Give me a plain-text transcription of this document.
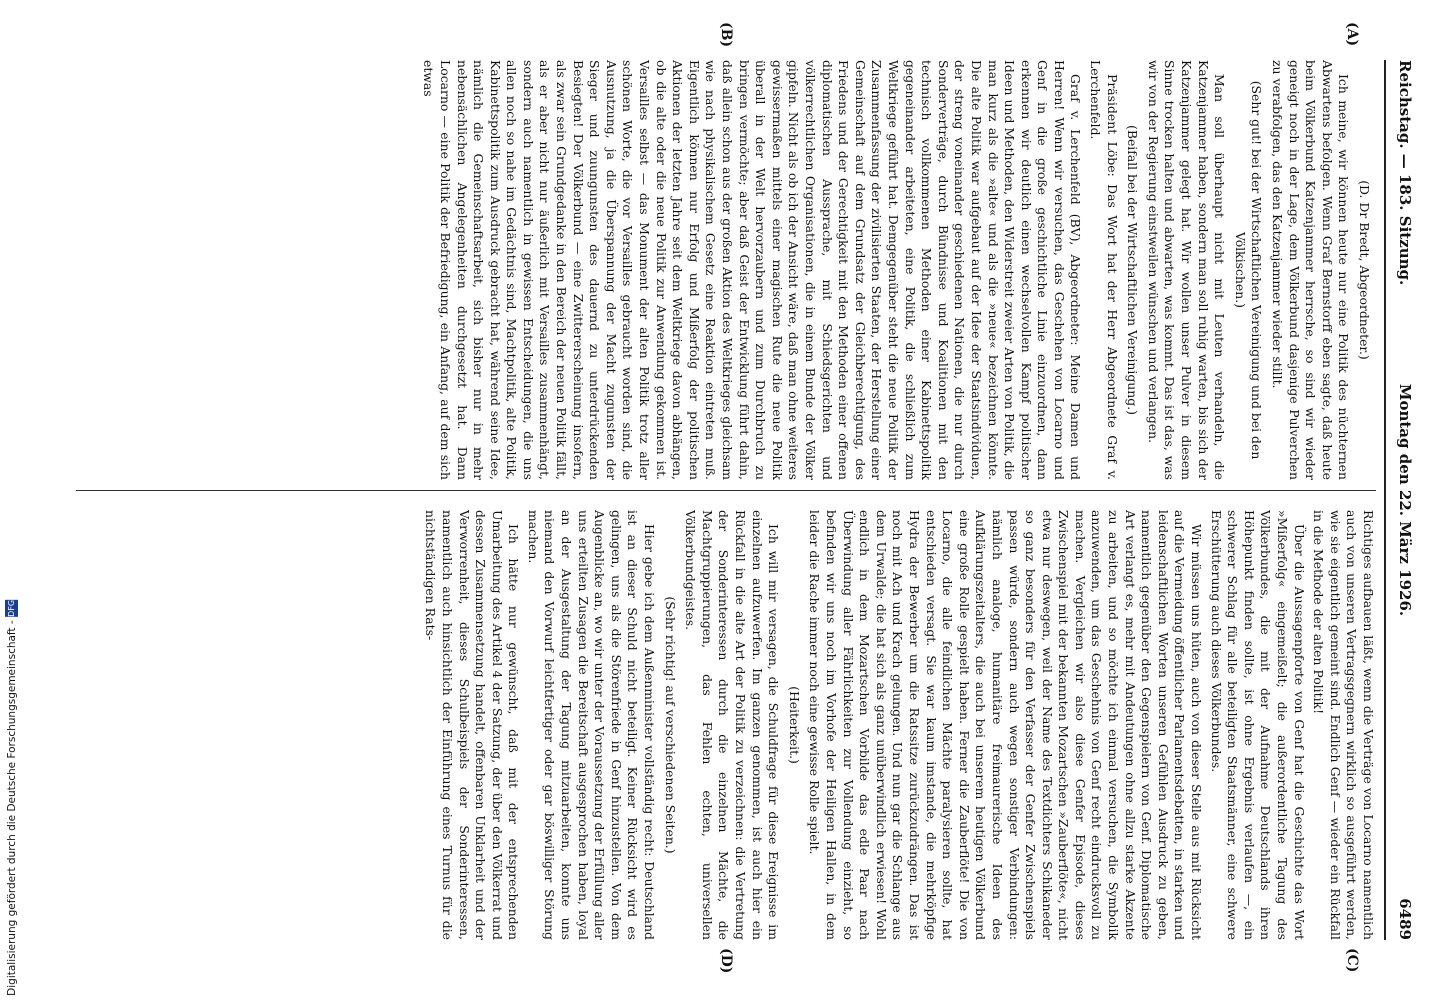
Reichstag. — 183. Sitzung.
Montag den 22. März 1926.
6489
(A)
(B)
(C)
(D)

(D. Dr Bredt, Abgeordneter.)

Ich meine, wir können heute nur eine Politik des nüchternen Abwartens befolgen. Wenn Graf Bernstorff eben sagte, daß heute beim Völkerbund Katzenjammer herrsche, so sind wir wieder geneigt noch in der Lage, dem Völkerbund dasjenige Pulverchen zu verabfolgen, das den Katzenjammer wieder stillt.

(Sehr gut! bei der Wirtschaftlichen Vereinigung und bei den Völkischen.)

Man soll überhaupt nicht mit Leuten verhandeln, die Katzenjammer haben, sondern man soll ruhig warten, bis sich der Katzenjammer gelegt hat. Wir wollen unser Pulver in diesem Sinne trocken halten und abwarten, was kommt. Das ist das, was wir von der Regierung einstweilen wünschen und verlangen.

(Beifall bei der Wirtschaftlichen Vereinigung.)

Präsident Löbe: Das Wort hat der Herr Abgeordnete Graf v. Lerchenfeld.

Graf v. Lerchenfeld (BV), Abgeordneter: Meine Damen und Herren! Wenn wir versuchen, das Geschehen von Locarno und Genf in die große geschichtliche Linie einzuordnen, dann erkennen wir deutlich einen wechselvollen Kampf politischer Ideen und Methoden, den Widerstreit zweier Arten von Politik, die man kurz als die »alte« und als die »neue« bezeichnen könnte. Die alte Politik war aufgebaut auf der Idee der Staatsindividuen, der streng voneinander geschiedenen Nationen, die nur durch Sonderverträge, durch Bündnisse und Koalitionen mit den technisch vollkommenen Methoden einer Kabinettspolitik gegeneinander arbeiteten, eine Politik, die schließlich zum Weltkriege geführt hat. Demgegenüber steht die neue Politik der Zusammenfassung der zivilisierten Staaten, der Herstellung einer Gemeinschaft auf dem Grundsatz der Gleichberechtigung, des Friedens und der Gerechtigkeit mit den Methoden einer offenen diplomatischen Aussprache, mit Schiedsgerichten und völkerrechtlichen Organisationen, die in einem Bunde der Völker gipfeln. Nicht als ob ich der Ansicht wäre, daß man ohne weiteres gewissermaßen mittels einer magischen Rute die neue Politik überall in der Welt hervorzaubern und zum Durchbruch zu bringen vermöchte; aber daß Geist der Entwicklung führt dahin, daß allein schon aus der großen Aktion des Weltkrieges gleichsam wie nach physikalischem Gesetz eine Reaktion eintreten muß. Eigentlich können nur Erfolg und Mißerfolg der politischen Aktionen der letzten Jahre seit dem Weltkriege davon abhängen, ob die alte oder die neue Politik zur Anwendung gekommen ist. Versailles selbst — das Monument der alten Politik trotz aller schönen Worte, die vor Versailles gebraucht worden sind, die Ausnutzung, ja die Überspannung der Macht zugunsten der Sieger und zuungunsten des dauernd zu unterdrückenden Besiegten! Der Völkerbund — eine Zwittererscheinung insofern, als zwar sein Grundgedanke in den Bereich der neuen Politik fällt, als er aber nicht nur äußerlich mit Versailles zusammenhängt, sondern auch namentlich in gewissen Entscheidungen, die uns allen noch so nahe im Gedächtnis sind, Machtpolitik, alte Politik, Kabinettspolitik zum Ausdruck gebracht hat, während seine Idee, nämlich die Gemeinschaftsarbeit, sich bisher nur in mehr nebensächlichen Angelegenheiten durchgesetzt hat. Dann Locarno — eine Politik der Befriedigung, ein Anfang, auf dem sich etwas

Richtiges aufbauen läßt, wenn die Verträge von Locarno namentlich auch von unseren Vertragsgegnern wirklich so ausgeführt werden, wie sie eigentlich gemeint sind. Endlich Genf — wieder ein Rückfall in die Methode der alten Politik!

Über die Aussagenpforte von Genf hat die Geschichte das Wort »Mißerfolg« eingemeißelt; die außerordentliche Tagung des Völkerbundes, die mit der Aufnahme Deutschlands ihren Höhepunkt finden sollte, ist ohne Ergebnis verlaufen —, ein schwerer Schlag für alle beteiligten Staatsmänner, eine schwere Erschütterung auch dieses Völkerbundes.

Wir müssen uns hüten, auch von dieser Stelle aus mit Rücksicht auf die Vermeidung öffentlicher Parlamentsdebatten, in starken und leidenschaftlichen Worten unseren Gefühlen Ausdruck zu geben, namentlich gegenüber den Gegenspielern von Genf. Diplomatische Art verlangt es, mehr mit Andeutungen ohne allzu starke Akzente zu arbeiten, und so möchte ich einmal versuchen, die Symbolik anzuwenden, um das Geschehnis von Genf recht eindrucksvoll zu machen. Vergleichen wir also diese Genfer Episode, dieses Zwischenspiel mit der bekannten Mozartschen »Zauberflöte«, nicht etwa nur deswegen, weil der Name des Textdichters Schikaneder so ganz besonders für den Verfasser der Genfer Zwischenspiels passen würde, sondern auch wegen sonstiger Verbindungen: nämlich analoge, humanitäre freimaurerische Ideen des Aufklärungszeitalters, die auch bei unserem heutigen Völkerbund eine große Rolle gespielt haben. Ferner die Zauberflöte! Die von Locarno, die alle feindlichen Mächte paralysieren sollte, hat entschieden versagt. Sie war kaum imstande, die mehrköpfige Hydra der Bewerber um die Ratssitze zurückzudrängen. Das ist noch mit Ach und Krach gelungen. Und nun gar die Schlange aus dem Urwalde; die hat sich als ganz unüberwindlich erwiesen! Wohl endlich in dem Mozartschen Vorbilde das edle Paar nach Überwindung aller Fährlichkeiten zur Vollendung einzieht, so befinden wir uns noch im Vorhofe der Heiligen Hallen, in dem leider die Rache immer noch eine gewisse Rolle spielt.

(Heiterkeit.)

Ich will mir versagen, die Schuldfrage für diese Ereignisse im einzelnen aufzuwerfen. Im ganzen genommen, ist auch hier ein Rückfall in die alte Art der Politik zu verzeichnen: die Vertretung der Sonderinteressen durch die einzelnen Mächte, die Machtgruppierungen, das Fehlen echten, universellen Völkerbundgeistes.

(Sehr richtig! auf verschiedenen Seiten.)

Hier gebe ich dem Außenminister vollständig recht: Deutschland ist an dieser Schuld nicht beteiligt. Keiner Rücksicht wird es gelingen, uns als die Störenfriede in Genf hinzustellen. Von dem Augenblicke an, wo wir unter der Voraussetzung der Erfüllung aller uns erteilten Zusagen die Bereitschaft ausgesprochen haben, loyal an der Ausgestaltung der Tagung mitzuarbeiten, konnte uns niemand den Vorwurf leichtfertiger oder gar böswilliger Störung machen.

Ich hätte nur gewünscht, daß mit der entsprechenden Umarbeitung des Artikel 4 der Satzung, der über den Völkerrat und dessen Zusammensetzung handelt, offenbaren Unklarheit und der Verworrenheit, dieses Schulbeispiels der Sonderinteressen, namentlich auch hinsichtlich der Einführung eines Turnus für die nichtständigen Rats-

Digitalisierung gefördert durch die Deutsche Forschungsgemeinschaft - DFG
